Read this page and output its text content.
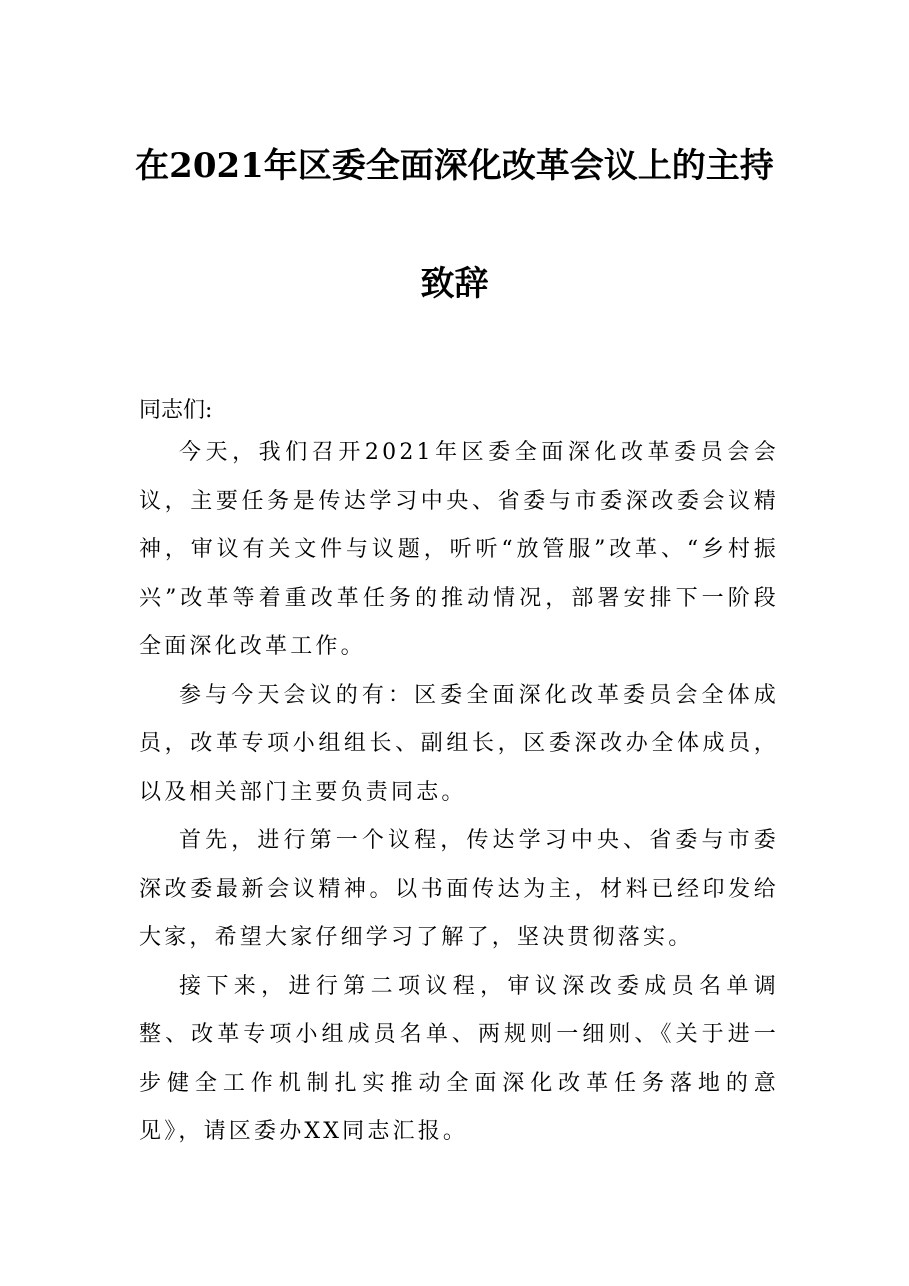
在2021年区委全面深化改革会议上的主持
致辞

同志们:

今天，我们召开2021年区委全面深化改革委员会会议，主要任务是传达学习中央、省委与市委深改委会议精神，审议有关文件与议题，听听“放管服”改革、“乡村振兴”改革等着重改革任务的推动情况，部署安排下一阶段全面深化改革工作。

参与今天会议的有：区委全面深化改革委员会全体成员，改革专项小组组长、副组长，区委深改办全体成员，以及相关部门主要负责同志。

首先，进行第一个议程，传达学习中央、省委与市委深改委最新会议精神。以书面传达为主，材料已经印发给大家，希望大家仔细学习了解了，坚决贯彻落实。

接下来，进行第二项议程，审议深改委成员名单调整、改革专项小组成员名单、两规则一细则、《关于进一步健全工作机制扎实推动全面深化改革任务落地的意见》，请区委办XX同志汇报。
